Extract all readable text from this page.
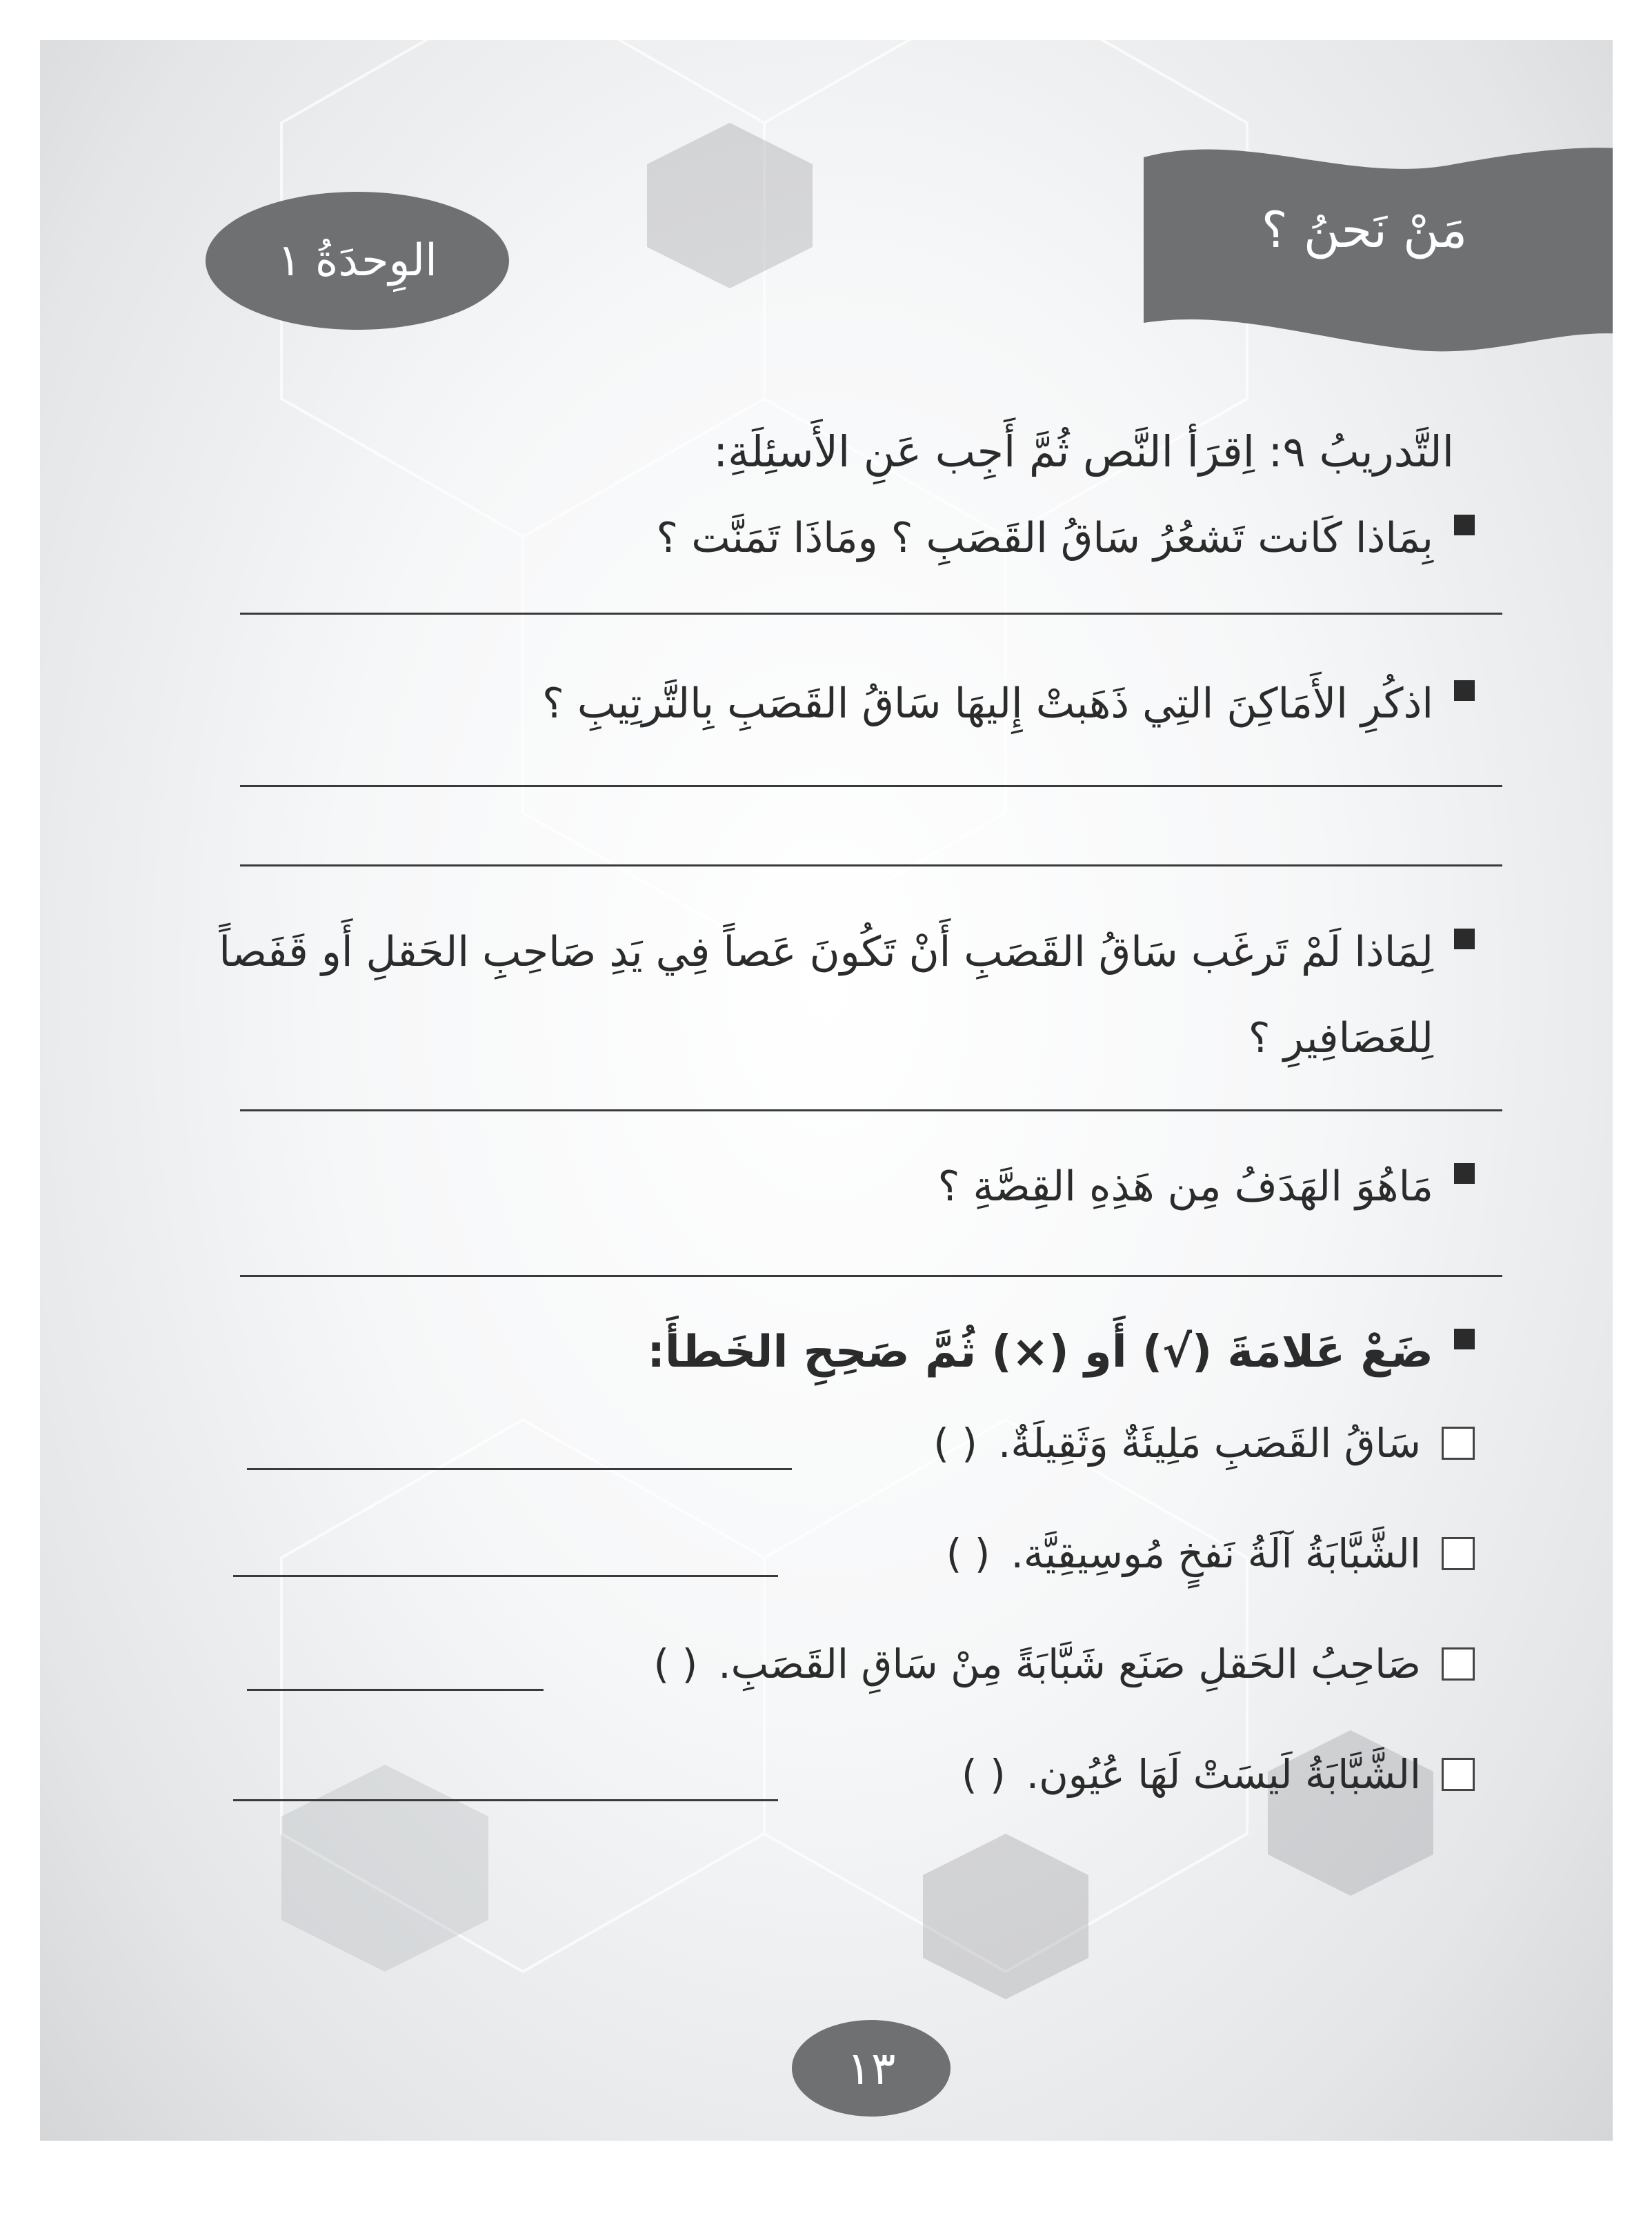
الوِحدَةُ ١
مَنْ نَحنُ ؟
التَّدريبُ ٩: اِقرَأ النَّص ثُمَّ أَجِب عَنِ الأَسئِلَةِ:
بِمَاذا كَانت تَشعُرُ سَاقُ القَصَبِ ؟ ومَاذَا تَمَنَّت ؟
اذكُرِ الأَمَاكِنَ التِي ذَهَبتْ إِليهَا سَاقُ القَصَبِ بِالتَّرتِيبِ ؟
لِمَاذا لَمْ تَرغَب سَاقُ القَصَبِ أَنْ تَكُونَ عَصاً فِي يَدِ صَاحِبِ الحَقلِ أَو قَفَصاً لِلعَصَافِيرِ ؟
مَاهُوَ الهَدَفُ مِن هَذِهِ القِصَّةِ ؟
ضَعْ عَلامَةَ (√) أَو (×) ثُمَّ صَحِحِ الخَطأَ:
سَاقُ القَصَبِ مَلِيئَةٌ وَثَقِيلَةٌ.
( )
الشَّبَّابَةُ آلَةُ نَفخٍ مُوسِيقِيَّة.
( )
صَاحِبُ الحَقلِ صَنَع شَبَّابَةً مِنْ سَاقِ القَصَبِ.
( )
الشَّبَّابَةُ لَيسَتْ لَهَا عُيُون.
( )
١٣
